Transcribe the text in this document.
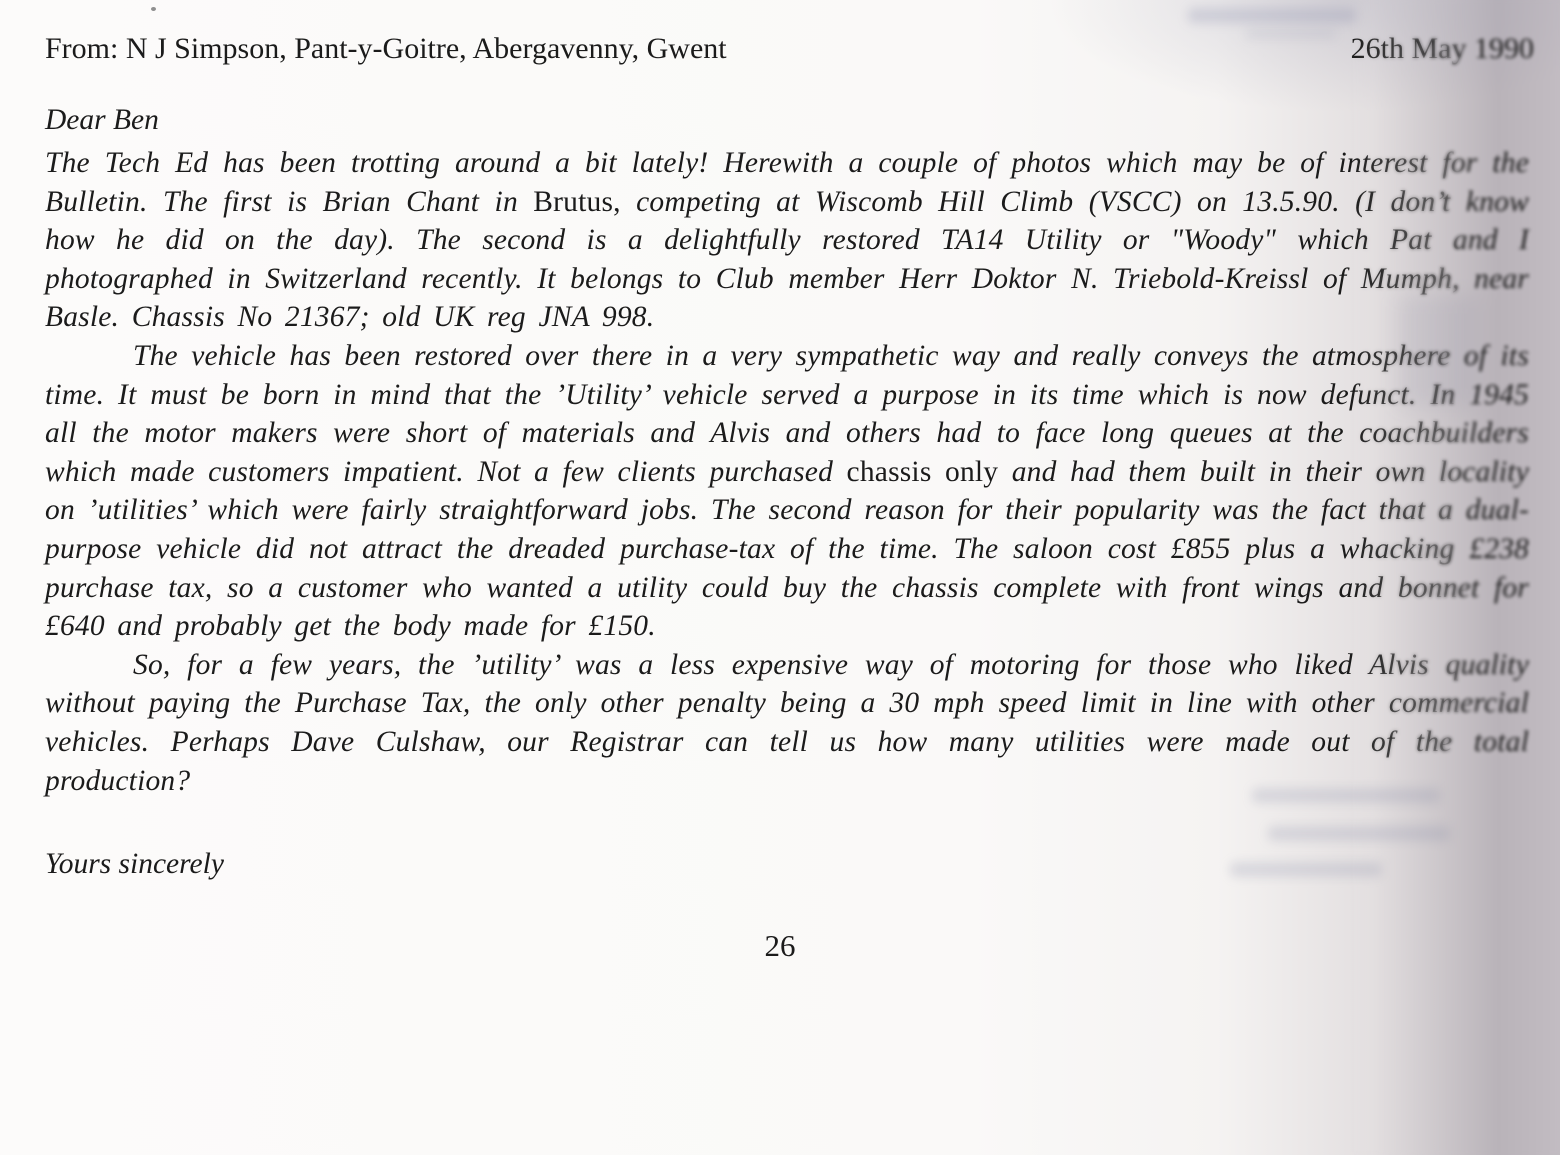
From: N J Simpson, Pant-y-Goitre, Abergavenny, Gwent	26th May 1990
Dear Ben

The Tech Ed has been trotting around a bit lately! Herewith a couple of photos which may be of interest for the Bulletin. The first is Brian Chant in Brutus, competing at Wiscomb Hill Climb (VSCC) on 13.5.90. (I don’t know how he did on the day). The second is a delightfully restored TA14 Utility or "Woody" which Pat and I photographed in Switzerland recently. It belongs to Club member Herr Doktor N. Triebold-Kreissl of Mumph, near Basle. Chassis No 21367; old UK reg JNA 998.

The vehicle has been restored over there in a very sympathetic way and really conveys the atmosphere of its time. It must be born in mind that the ’Utility’ vehicle served a purpose in its time which is now defunct. In 1945 all the motor makers were short of materials and Alvis and others had to face long queues at the coachbuilders which made customers impatient. Not a few clients purchased chassis only and had them built in their own locality on ’utilities’ which were fairly straightforward jobs. The second reason for their popularity was the fact that a dual-purpose vehicle did not attract the dreaded purchase-tax of the time. The saloon cost £855 plus a whacking £238 purchase tax, so a customer who wanted a utility could buy the chassis complete with front wings and bonnet for £640 and probably get the body made for £150.

So, for a few years, the ’utility’ was a less expensive way of motoring for those who liked Alvis quality without paying the Purchase Tax, the only other penalty being a 30 mph speed limit in line with other commercial vehicles. Perhaps Dave Culshaw, our Registrar can tell us how many utilities were made out of the total production?

Yours sincerely
26
